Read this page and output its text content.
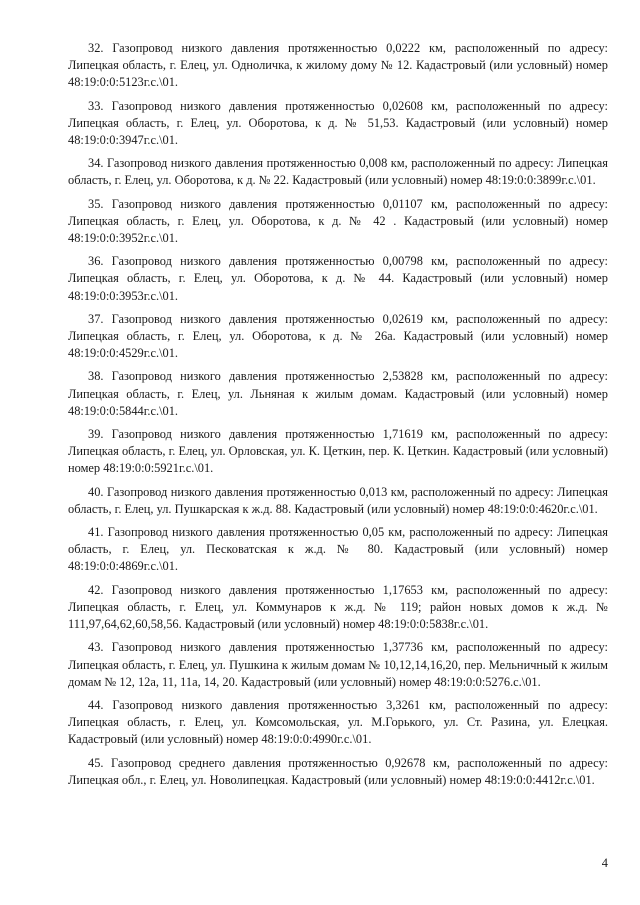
32. Газопровод низкого давления протяженностью 0,0222 км, расположенный по адресу: Липецкая область, г. Елец, ул. Одноличка, к жилому дому № 12. Кадастровый (или условный) номер 48:19:0:0:5123г.с.\01.

33. Газопровод низкого давления протяженностью 0,02608 км, расположенный по адресу: Липецкая область, г. Елец, ул. Оборотова, к д. № 51,53. Кадастровый (или условный) номер 48:19:0:0:3947г.с.\01.

34. Газопровод низкого давления протяженностью 0,008 км, расположенный по адресу: Липецкая область, г. Елец, ул. Оборотова, к д. № 22. Кадастровый (или условный) номер 48:19:0:0:3899г.с.\01.

35. Газопровод низкого давления протяженностью 0,01107 км, расположенный по адресу: Липецкая область, г. Елец, ул. Оборотова, к д. № 42 . Кадастровый (или условный) номер 48:19:0:0:3952г.с.\01.

36. Газопровод низкого давления протяженностью 0,00798 км, расположенный по адресу: Липецкая область, г. Елец, ул. Оборотова, к д. № 44. Кадастровый (или условный) номер 48:19:0:0:3953г.с.\01.

37. Газопровод низкого давления протяженностью 0,02619 км, расположенный по адресу: Липецкая область, г. Елец, ул. Оборотова, к д. № 26а. Кадастровый (или условный) номер 48:19:0:0:4529г.с.\01.

38. Газопровод низкого давления протяженностью 2,53828 км, расположенный по адресу: Липецкая область, г. Елец, ул. Льняная к жилым домам. Кадастровый (или условный) номер 48:19:0:0:5844г.с.\01.

39. Газопровод низкого давления протяженностью 1,71619 км, расположенный по адресу: Липецкая область, г. Елец, ул. Орловская, ул. К. Цеткин, пер. К. Цеткин. Кадастровый (или условный) номер 48:19:0:0:5921г.с.\01.

40. Газопровод низкого давления протяженностью 0,013 км, расположенный по адресу: Липецкая область, г. Елец, ул. Пушкарская к ж.д. 88. Кадастровый (или условный) номер 48:19:0:0:4620г.с.\01.

41. Газопровод низкого давления протяженностью 0,05 км, расположенный по адресу: Липецкая область, г. Елец, ул. Песковатская к ж.д. № 80. Кадастровый (или условный) номер 48:19:0:0:4869г.с.\01.

42. Газопровод низкого давления протяженностью 1,17653 км, расположенный по адресу: Липецкая область, г. Елец, ул. Коммунаров к ж.д. № 119; район новых домов к ж.д. № 111,97,64,62,60,58,56. Кадастровый (или условный) номер 48:19:0:0:5838г.с.\01.

43. Газопровод низкого давления протяженностью 1,37736 км, расположенный по адресу: Липецкая область, г. Елец, ул. Пушкина к жилым домам № 10,12,14,16,20, пер. Мельничный к жилым домам № 12, 12а, 11, 11а, 14, 20. Кадастровый (или условный) номер 48:19:0:0:5276.с.\01.

44. Газопровод низкого давления протяженностью 3,3261 км, расположенный по адресу: Липецкая область, г. Елец, ул. Комсомольская, ул. М.Горького, ул. Ст. Разина, ул. Елецкая. Кадастровый (или условный) номер 48:19:0:0:4990г.с.\01.

45. Газопровод среднего давления протяженностью 0,92678 км, расположенный по адресу: Липецкая обл., г. Елец, ул. Новолипецкая. Кадастровый (или условный) номер 48:19:0:0:4412г.с.\01.

4
